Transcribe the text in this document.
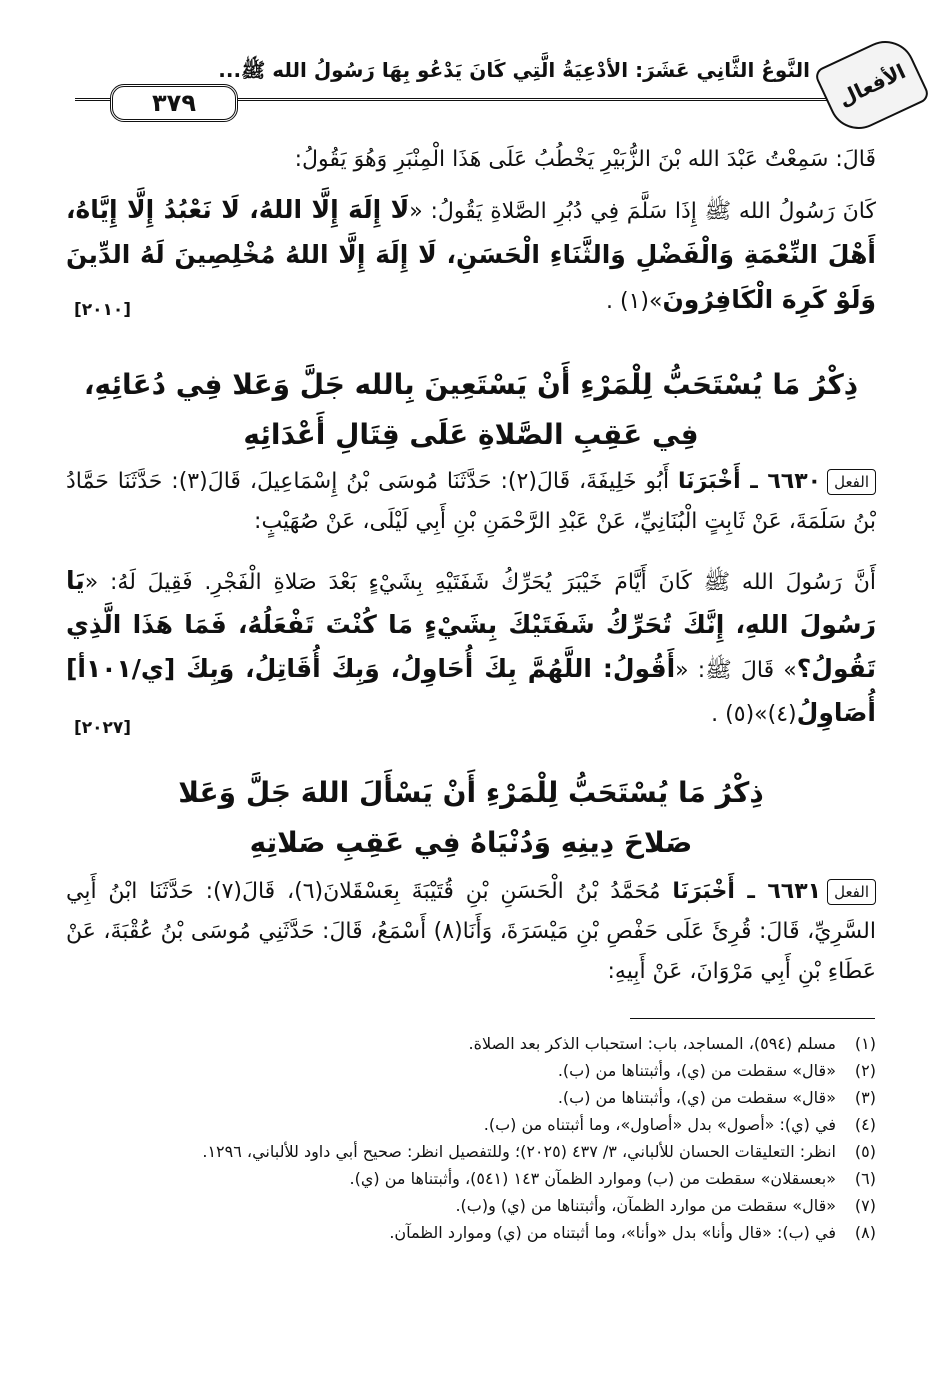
٣٧٩
النَّوعُ الثَّانِي عَشَرَ: الأدْعِيَةُ الَّتِي كَانَ يَدْعُو بِهَا رَسُولُ الله ﷺ...	الأفعال
قَالَ: سَمِعْتُ عَبْدَ الله بْنَ الزُّبَيْرِ يَخْطُبُ عَلَى هَذَا الْمِنْبَرِ وَهُوَ يَقُولُ:
كَانَ رَسُولُ الله ﷺ إِذَا سَلَّمَ فِي دُبُرِ الصَّلاةِ يَقُولُ: «لَا إِلَهَ إِلَّا اللهُ، لَا نَعْبُدُ إِلَّا إِيَّاهُ، أَهْلَ النِّعْمَةِ وَالْفَضْلِ وَالثَّنَاءِ الْحَسَنِ، لَا إِلَهَ إِلَّا اللهُ مُخْلِصِينَ لَهُ الدِّينَ وَلَوْ كَرِهَ الْكَافِرُونَ»(١) .
[٢٠١٠]
ذِكْرُ مَا يُسْتَحَبُّ لِلْمَرْءِ أَنْ يَسْتَعِينَ بِالله جَلَّ وَعَلا فِي دُعَائِهِ،
فِي عَقِبِ الصَّلاةِ عَلَى قِتَالِ أَعْدَائِهِ
الفعل٦٦٣٠ ـ أَخْبَرَنَا أَبُو خَلِيفَةَ، قَالَ(٢): حَدَّثَنَا مُوسَى بْنُ إِسْمَاعِيلَ، قَالَ(٣): حَدَّثَنَا حَمَّادُ بْنُ سَلَمَةَ، عَنْ ثَابِتٍ الْبُنَانِيِّ، عَنْ عَبْدِ الرَّحْمَنِ بْنِ أَبِي لَيْلَى، عَنْ صُهَيْبٍ:
أَنَّ رَسُولَ الله ﷺ كَانَ أَيَّامَ خَيْبَرَ يُحَرِّكُ شَفَتَيْهِ بِشَيْءٍ بَعْدَ صَلاةِ الْفَجْرِ. فَقِيلَ لَهُ: «يَا رَسُولَ اللهِ، إِنَّكَ تُحَرِّكُ شَفَتَيْكَ بِشَيْءٍ مَا كُنْتَ تَفْعَلُهُ، فَمَا هَذَا الَّذِي تَقُولُ؟» قَالَ ﷺ: «أَقُولُ: اللَّهُمَّ بِكَ أُحَاوِلُ، وَبِكَ أُقَاتِلُ، وَبِكَ [ي/١٠١أ] أُصَاوِلُ(٤)»(٥) .
[٢٠٢٧]
ذِكْرُ مَا يُسْتَحَبُّ لِلْمَرْءِ أَنْ يَسْأَلَ اللهَ جَلَّ وَعَلا
صَلاحَ دِينِهِ وَدُنْيَاهُ فِي عَقِبِ صَلاتِهِ
الفعل٦٦٣١ ـ أَخْبَرَنَا مُحَمَّدُ بْنُ الْحَسَنِ بْنِ قُتَيْبَةَ بِعَسْقَلانَ(٦)، قَالَ(٧): حَدَّثَنَا ابْنُ أَبِي السَّرِيِّ، قَالَ: قُرِئَ عَلَى حَفْصِ بْنِ مَيْسَرَةَ، وَأَنَا(٨) أَسْمَعُ، قَالَ: حَدَّثَنِي مُوسَى بْنُ عُقْبَةَ، عَنْ عَطَاءِ بْنِ أَبِي مَرْوَانَ، عَنْ أَبِيهِ:
(١)
مسلم (٥٩٤)، المساجد، باب: استحباب الذكر بعد الصلاة.
(٢)
«قال» سقطت من (ي)، وأثبتناها من (ب).
(٣)
«قال» سقطت من (ي)، وأثبتناها من (ب).
(٤)
في (ي): «أصول» بدل «أصاول»، وما أثبتناه من (ب).
(٥)
انظر: التعليقات الحسان للألباني، ٣/ ٤٣٧ (٢٠٢٥)؛ وللتفصيل انظر: صحيح أبي داود للألباني، ١٢٩٦.
(٦)
«بعسقلان» سقطت من (ب) وموارد الظمآن ١٤٣ (٥٤١)، وأثبتناها من (ي).
(٧)
«قال» سقطت من موارد الظمآن، وأثبتناها من (ي) و(ب).
(٨)
في (ب): «قال وأنا» بدل «وأنا»، وما أثبتناه من (ي) وموارد الظمآن.
